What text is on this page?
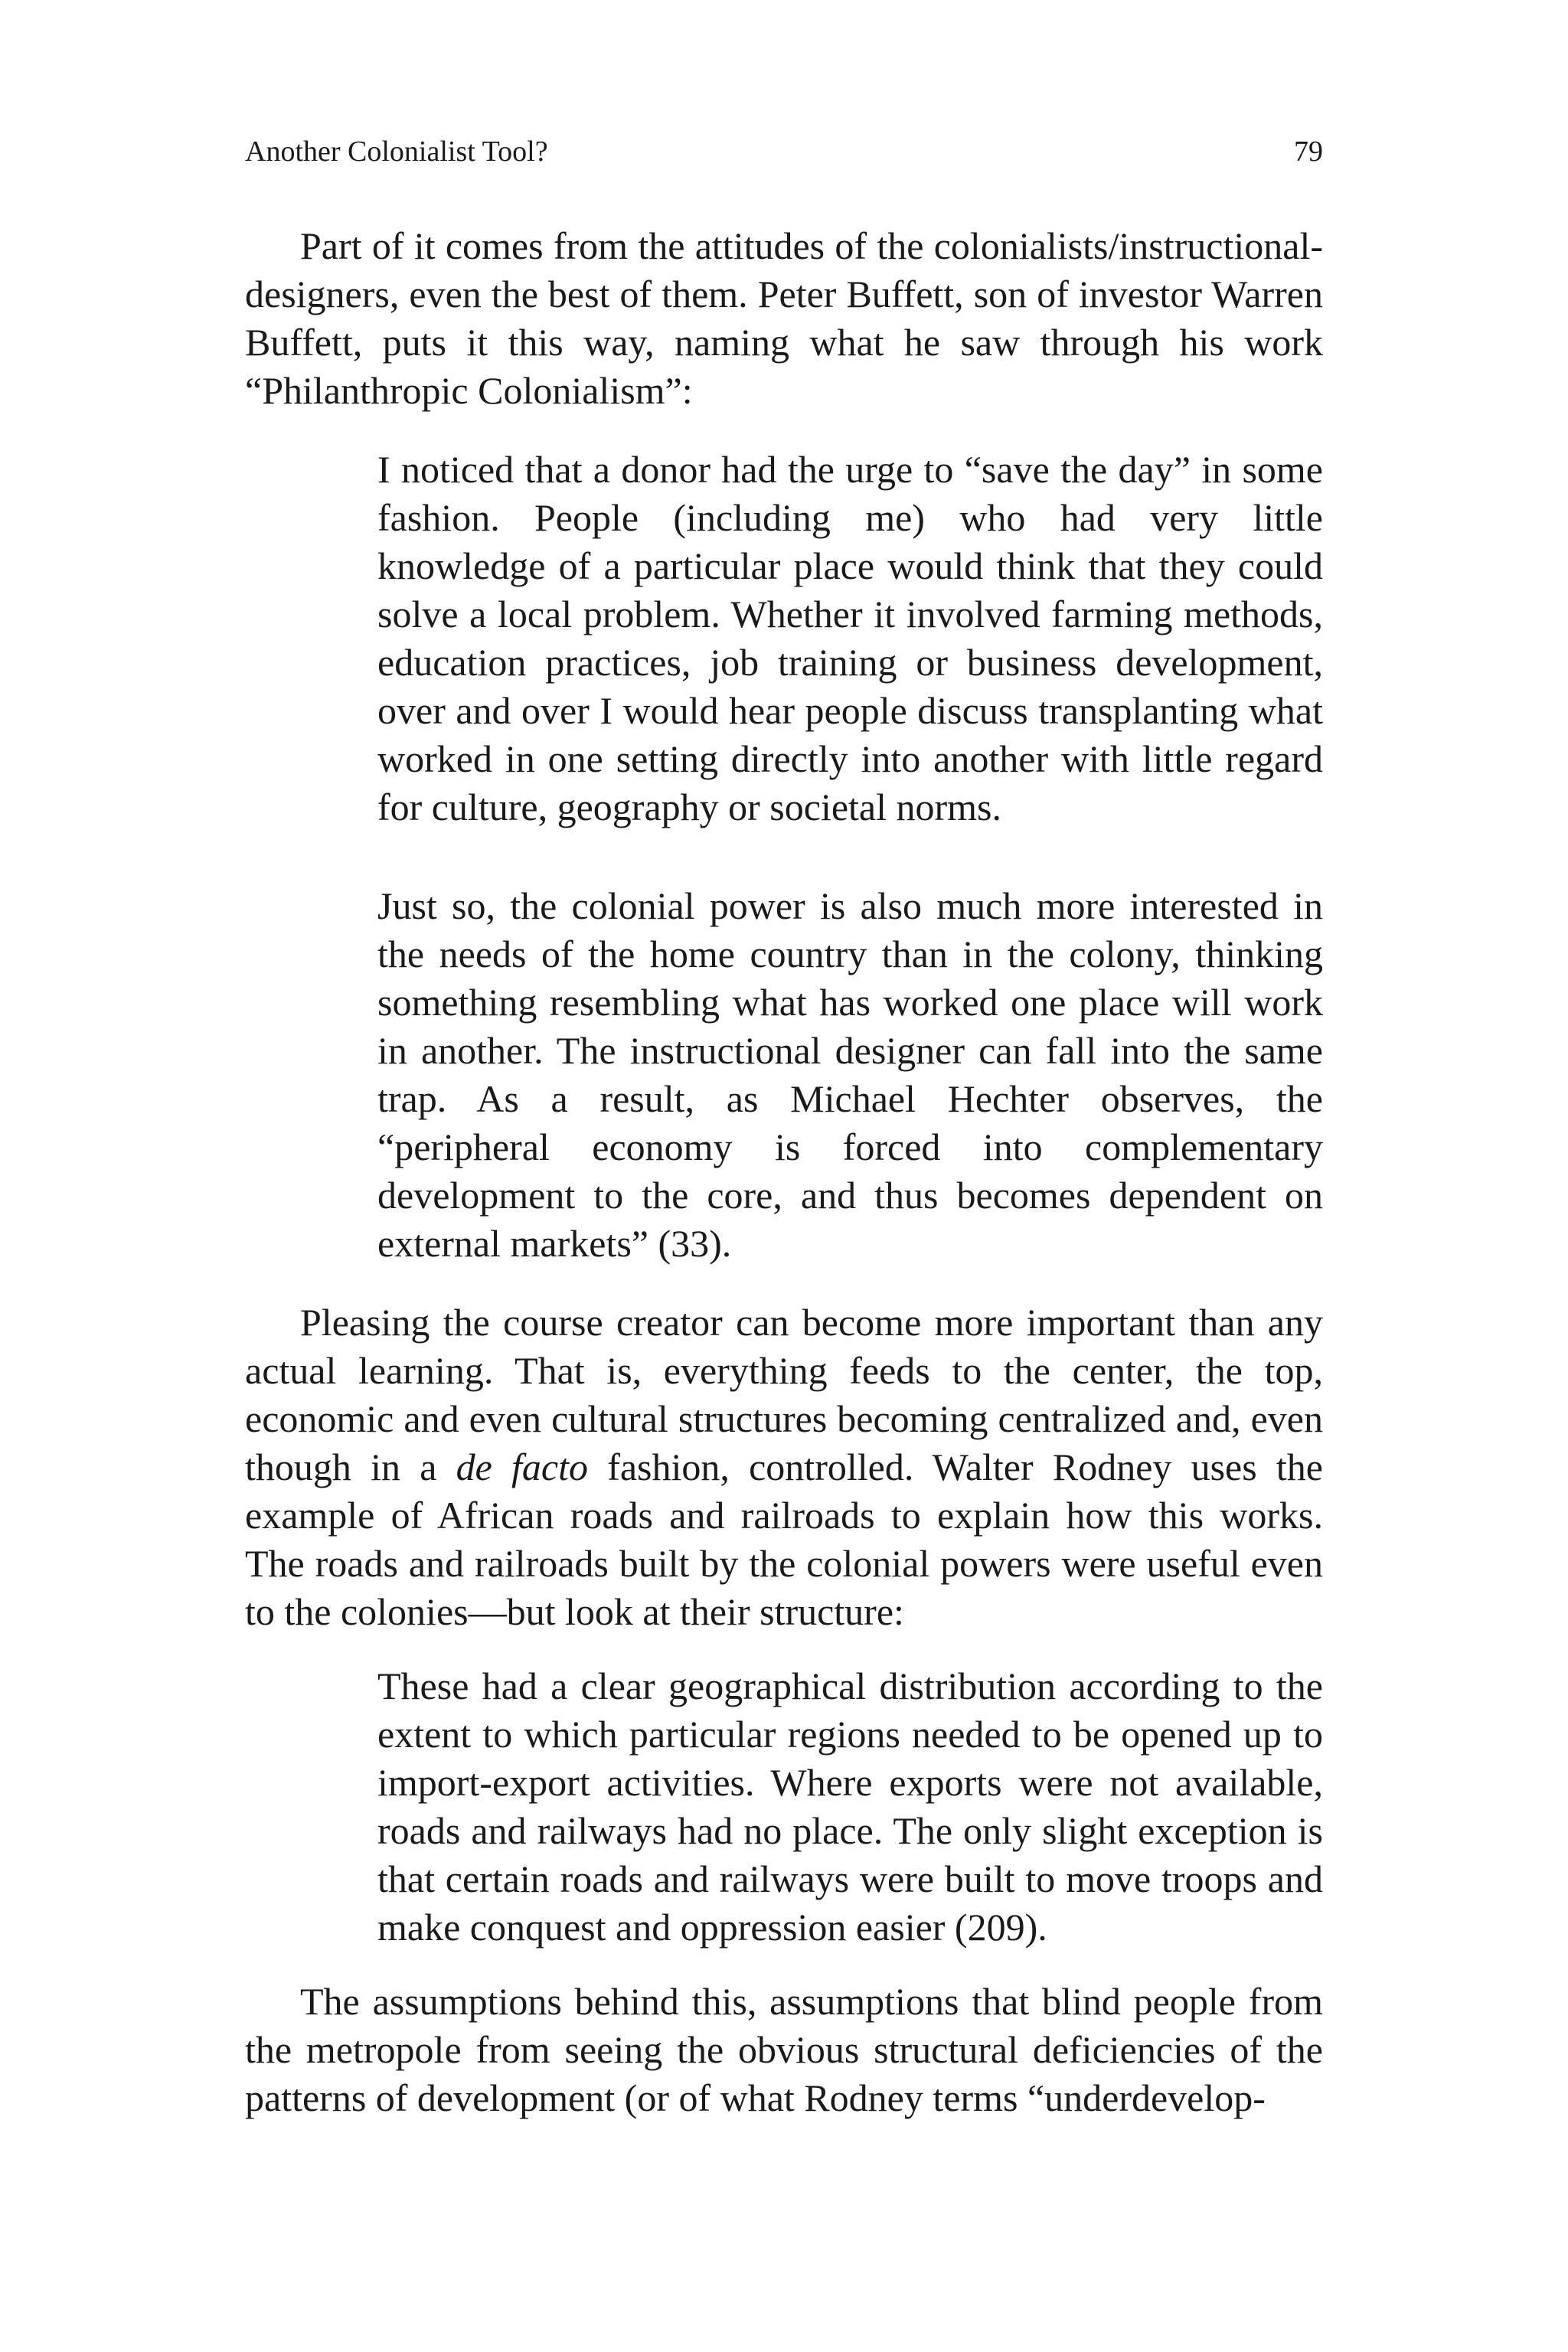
Another Colonialist Tool?	79

Part of it comes from the attitudes of the colonialists/instructional-designers, even the best of them. Peter Buffett, son of investor Warren Buffett, puts it this way, naming what he saw through his work “Philanthropic Colonialism”:

I noticed that a donor had the urge to “save the day” in some fashion. People (including me) who had very little knowledge of a particular place would think that they could solve a local problem. Whether it involved farming methods, education practices, job training or business development, over and over I would hear people discuss transplanting what worked in one setting directly into another with little regard for culture, geography or societal norms.

Just so, the colonial power is also much more interested in the needs of the home country than in the colony, thinking something resembling what has worked one place will work in another. The instructional designer can fall into the same trap. As a result, as Michael Hechter observes, the “peripheral economy is forced into complementary development to the core, and thus becomes dependent on external markets” (33).

Pleasing the course creator can become more important than any actual learning. That is, everything feeds to the center, the top, economic and even cultural structures becoming centralized and, even though in a de facto fashion, controlled. Walter Rodney uses the example of African roads and railroads to explain how this works. The roads and railroads built by the colonial powers were useful even to the colonies—but look at their structure:

These had a clear geographical distribution according to the extent to which particular regions needed to be opened up to import-export activities. Where exports were not available, roads and railways had no place. The only slight exception is that certain roads and railways were built to move troops and make conquest and oppression easier (209).

The assumptions behind this, assumptions that blind people from the metropole from seeing the obvious structural deficiencies of the patterns of development (or of what Rodney terms “underdevelop-
